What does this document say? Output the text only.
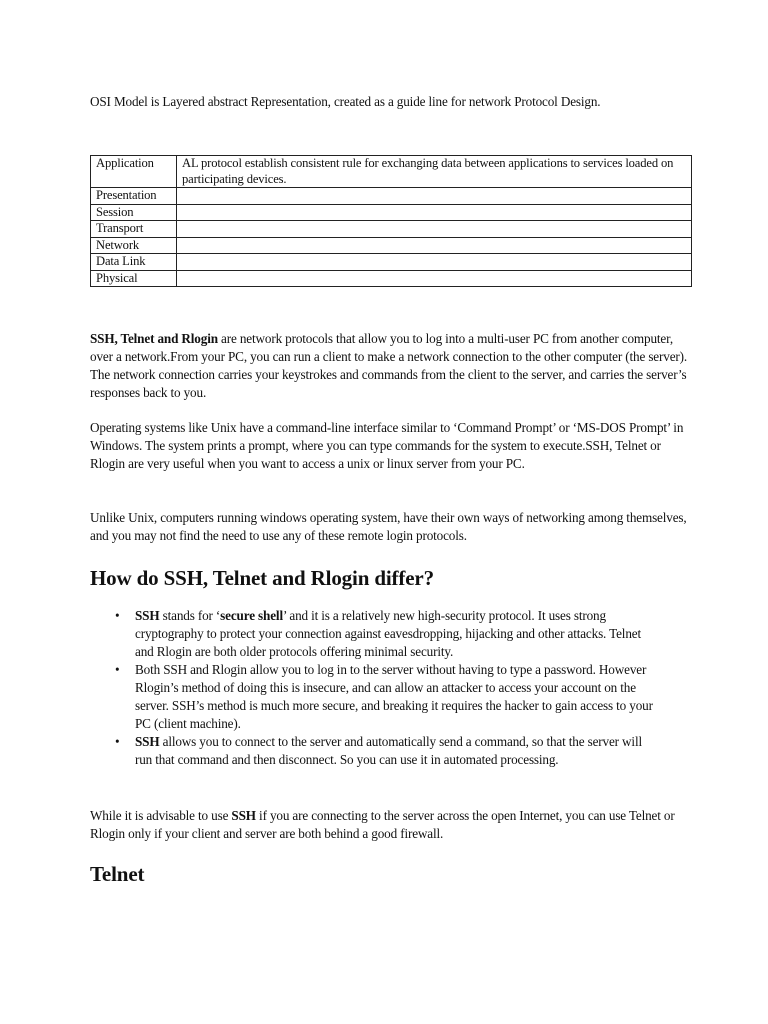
OSI Model is Layered abstract Representation, created as a guide line for network Protocol Design.
Application	AL protocol establish consistent rule for exchanging data between applications to services loaded on participating devices.
Presentation	
Session	
Transport	
Network	
Data Link	
Physical	

SSH, Telnet and Rlogin are network protocols that allow you to log into a multi-user PC from another computer, over a network.From your PC, you can run a client to make a network connection to the other computer (the server). The network connection carries your keystrokes and commands from the client to the server, and carries the server’s responses back to you.

Operating systems like Unix have a command-line interface similar to ‘Command Prompt’ or ‘MS-DOS Prompt’ in Windows. The system prints a prompt, where you can type commands for the system to execute.SSH, Telnet or Rlogin are very useful when you want to access a unix or linux server from your PC.

Unlike Unix, computers running windows operating system, have their own ways of networking among themselves, and you may not find the need to use any of these remote login protocols.

How do SSH, Telnet and Rlogin differ?
• SSH stands for ‘secure shell’ and it is a relatively new high-security protocol. It uses strong cryptography to protect your connection against eavesdropping, hijacking and other attacks. Telnet and Rlogin are both older protocols offering minimal security.
• Both SSH and Rlogin allow you to log in to the server without having to type a password. However Rlogin’s method of doing this is insecure, and can allow an attacker to access your account on the server. SSH’s method is much more secure, and breaking it requires the hacker to gain access to your PC (client machine).
• SSH allows you to connect to the server and automatically send a command, so that the server will run that command and then disconnect. So you can use it in automated processing.

While it is advisable to use SSH if you are connecting to the server across the open Internet, you can use Telnet or Rlogin only if your client and server are both behind a good firewall.

Telnet
